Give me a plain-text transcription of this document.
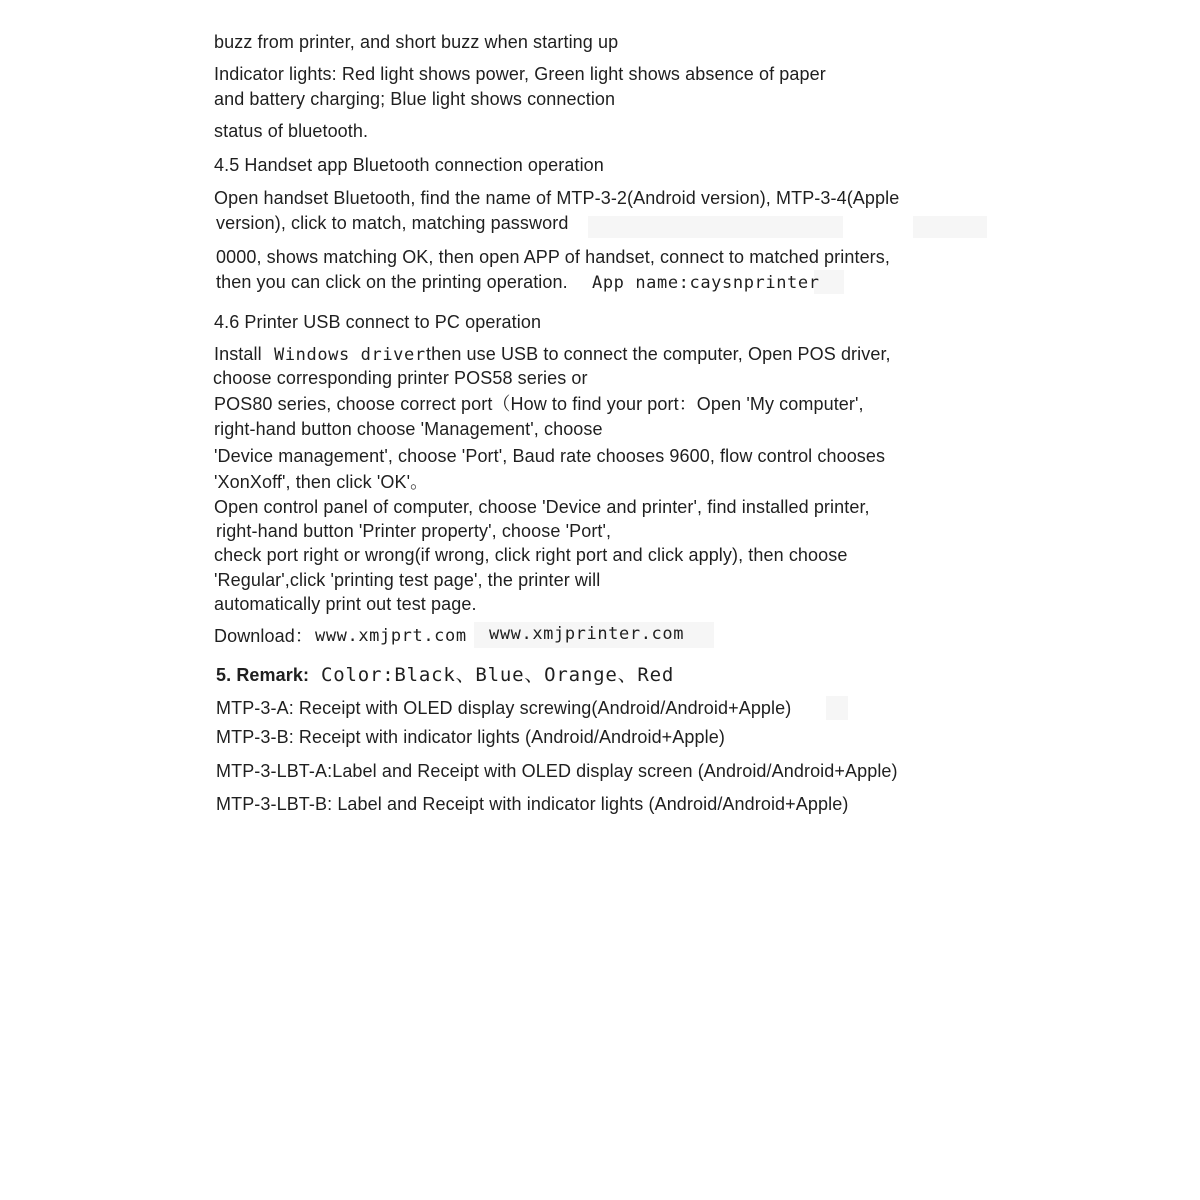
buzz from printer, and short buzz when starting up
Indicator lights: Red light shows power, Green light shows absence of paper
and battery charging; Blue light shows connection
status of bluetooth.
4.5 Handset app Bluetooth connection operation
Open handset Bluetooth, find the name of MTP-3-2(Android version), MTP-3-4(Apple
version), click to match, matching password
0000, shows matching OK, then open APP of handset, connect to matched printers,
then you can click on the printing operation. App name:caysnprinter
4.6 Printer USB connect to PC operation
Install Windows driver then use USB to connect the computer, Open POS driver,
choose corresponding printer POS58 series or
POS80 series, choose correct port（How to find your port：Open 'My computer',
right-hand button choose 'Management', choose
'Device management', choose 'Port', Baud rate chooses 9600, flow control chooses
'XonXoff', then click 'OK'。
Open control panel of computer, choose 'Device and printer', find installed printer,
right-hand button 'Printer property', choose 'Port',
check port right or wrong(if wrong, click right port and click apply), then choose
'Regular',click 'printing test page', the printer will
automatically print out test page.
Download： www.xmjprt.com www.xmjprinter.com
5. Remark: Color:Black、Blue、Orange、Red
MTP-3-A: Receipt with OLED display screwing(Android/Android+Apple)
MTP-3-B: Receipt with indicator lights (Android/Android+Apple)
MTP-3-LBT-A:Label and Receipt with OLED display screen (Android/Android+Apple)
MTP-3-LBT-B: Label and Receipt with indicator lights (Android/Android+Apple)
